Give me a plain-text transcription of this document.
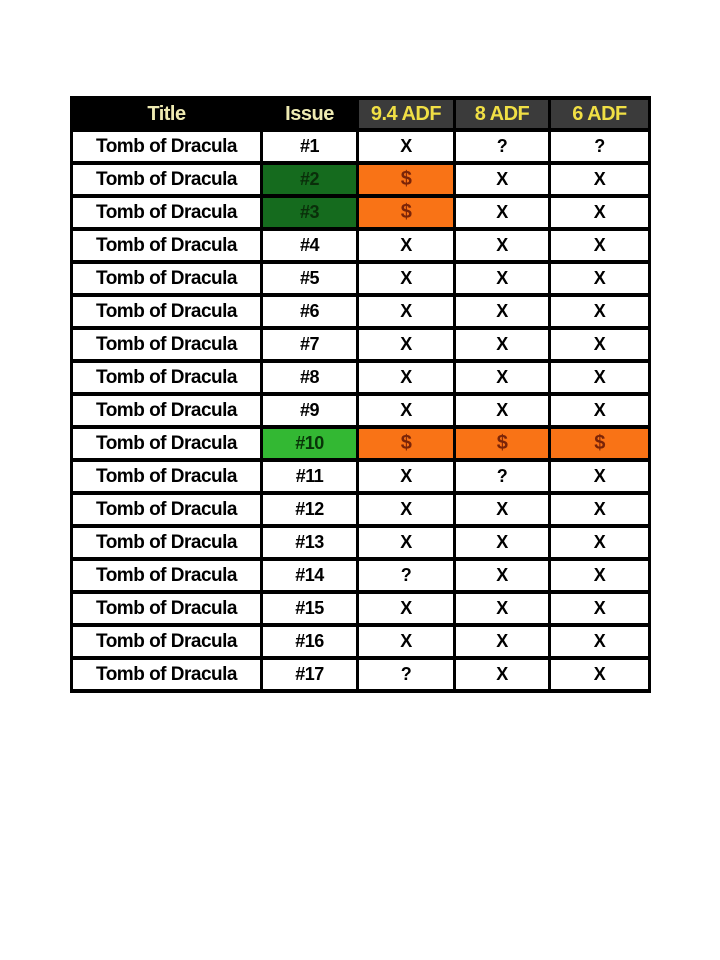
Title	Issue	9.4 ADF	8 ADF	6 ADF
Tomb of Dracula	#1	X	?	?
Tomb of Dracula	#2	$	X	X
Tomb of Dracula	#3	$	X	X
Tomb of Dracula	#4	X	X	X
Tomb of Dracula	#5	X	X	X
Tomb of Dracula	#6	X	X	X
Tomb of Dracula	#7	X	X	X
Tomb of Dracula	#8	X	X	X
Tomb of Dracula	#9	X	X	X
Tomb of Dracula	#10	$	$	$
Tomb of Dracula	#11	X	?	X
Tomb of Dracula	#12	X	X	X
Tomb of Dracula	#13	X	X	X
Tomb of Dracula	#14	?	X	X
Tomb of Dracula	#15	X	X	X
Tomb of Dracula	#16	X	X	X
Tomb of Dracula	#17	?	X	X
